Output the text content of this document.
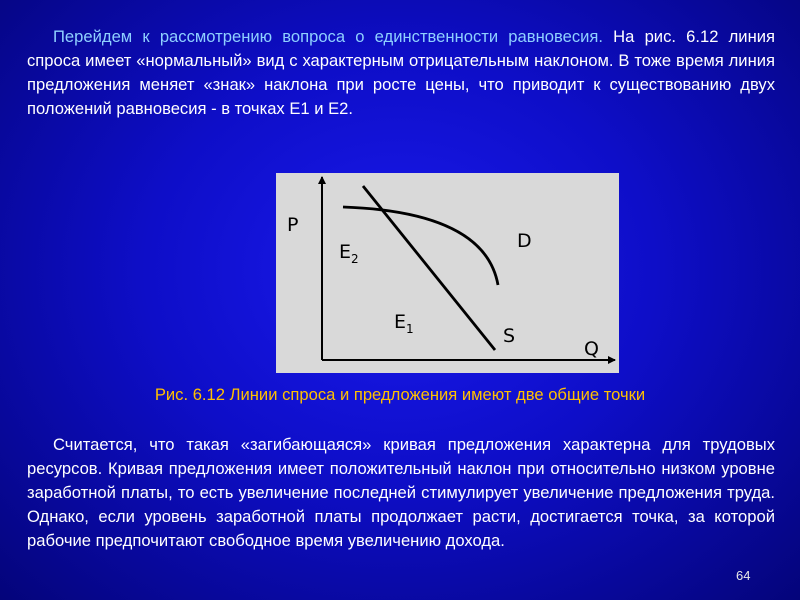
Перейдем к рассмотрению вопроса о единственности равновесия. На рис. 6.12 линия спроса имеет «нормальный» вид с характерным отрицательным наклоном. В тоже время линия предложения меняет «знак» наклона при росте цены, что приводит к существованию двух положений равновесия - в точках Е1 и Е2.

P
Q
D
S
$E_2$
$E_1$

Рис. 6.12 Линии спроса и предложения имеют две общие точки

Считается, что такая «загибающаяся» кривая предложения характерна для трудовых ресурсов. Кривая предложения имеет положительный наклон при относительно низком уровне заработной платы, то есть увеличение последней стимулирует увеличение предложения труда. Однако, если уровень заработной платы продолжает расти, достигается точка, за которой рабочие предпочитают свободное время увеличению дохода.

64
